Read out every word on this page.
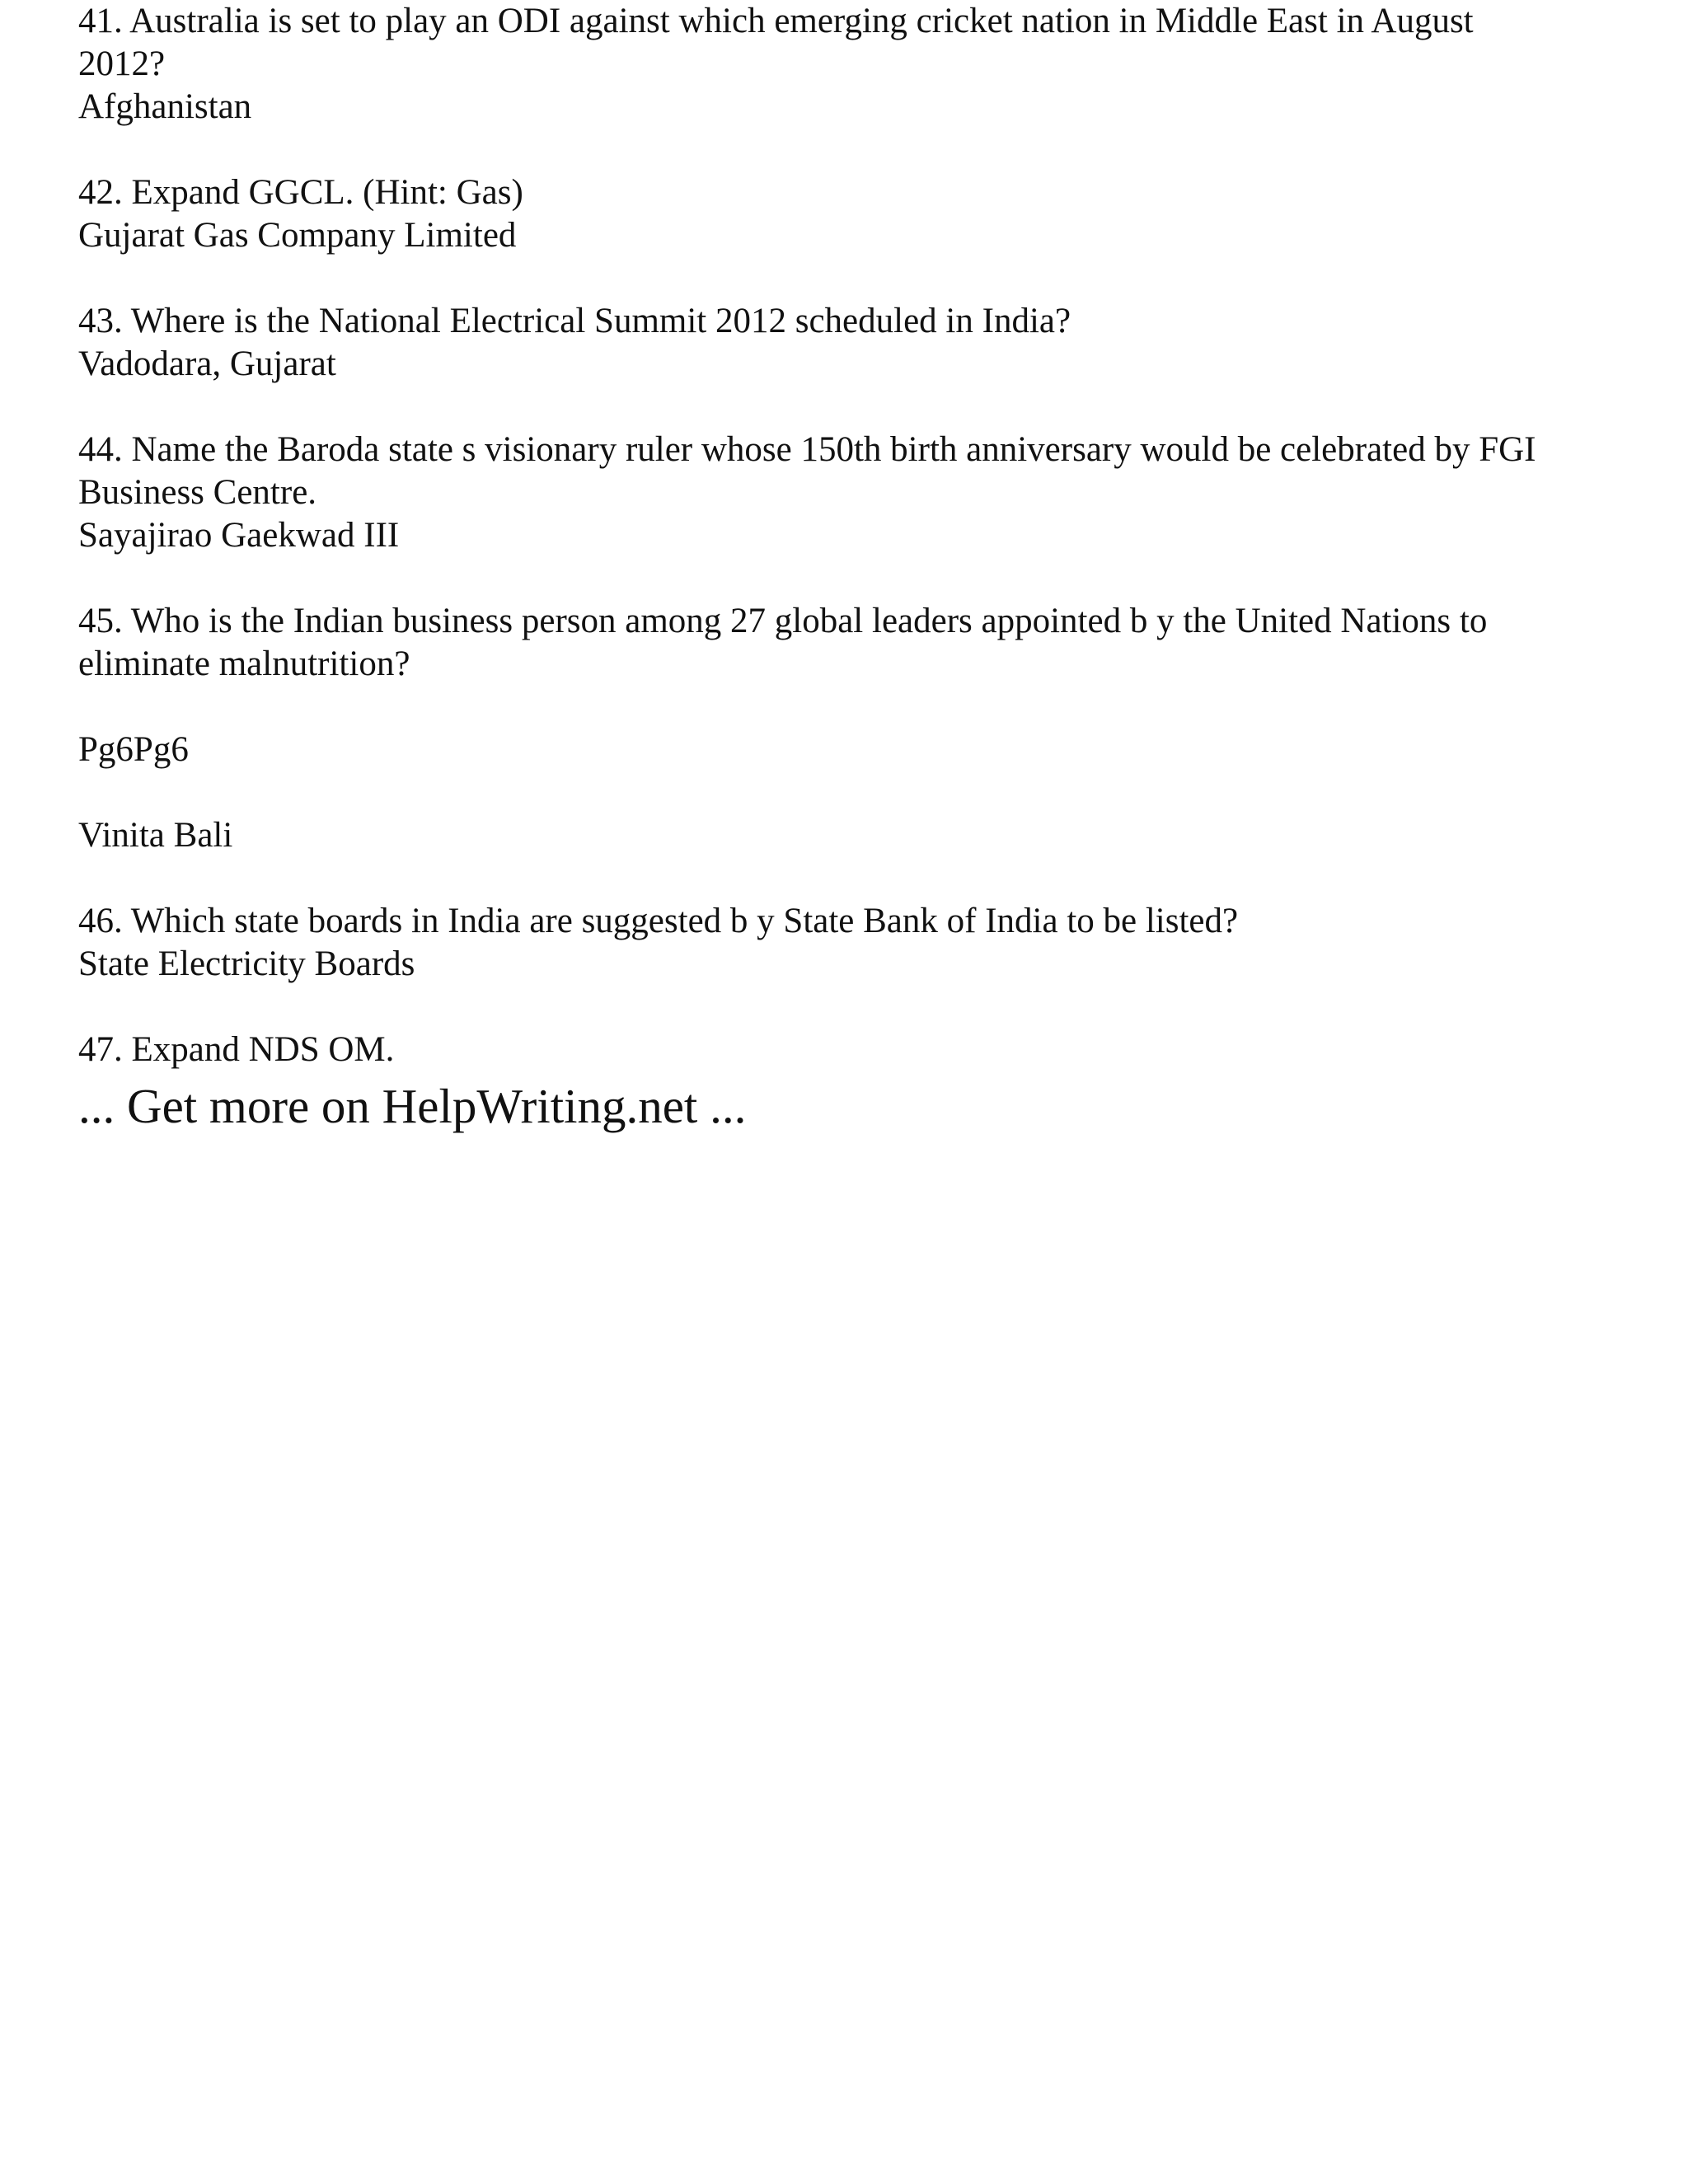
41. Australia is set to play an ODI against which emerging cricket nation in Middle East in August
2012?
Afghanistan
42. Expand GGCL. (Hint: Gas)
Gujarat Gas Company Limited
43. Where is the National Electrical Summit 2012 scheduled in India?
Vadodara, Gujarat
44. Name the Baroda state s visionary ruler whose 150th birth anniversary would be celebrated by FGI
Business Centre.
Sayajirao Gaekwad III
45. Who is the Indian business person among 27 global leaders appointed b y the United Nations to
eliminate malnutrition?
Pg6Pg6
Vinita Bali
46. Which state boards in India are suggested b y State Bank of India to be listed?
State Electricity Boards
47. Expand NDS OM.
... Get more on HelpWriting.net ...
